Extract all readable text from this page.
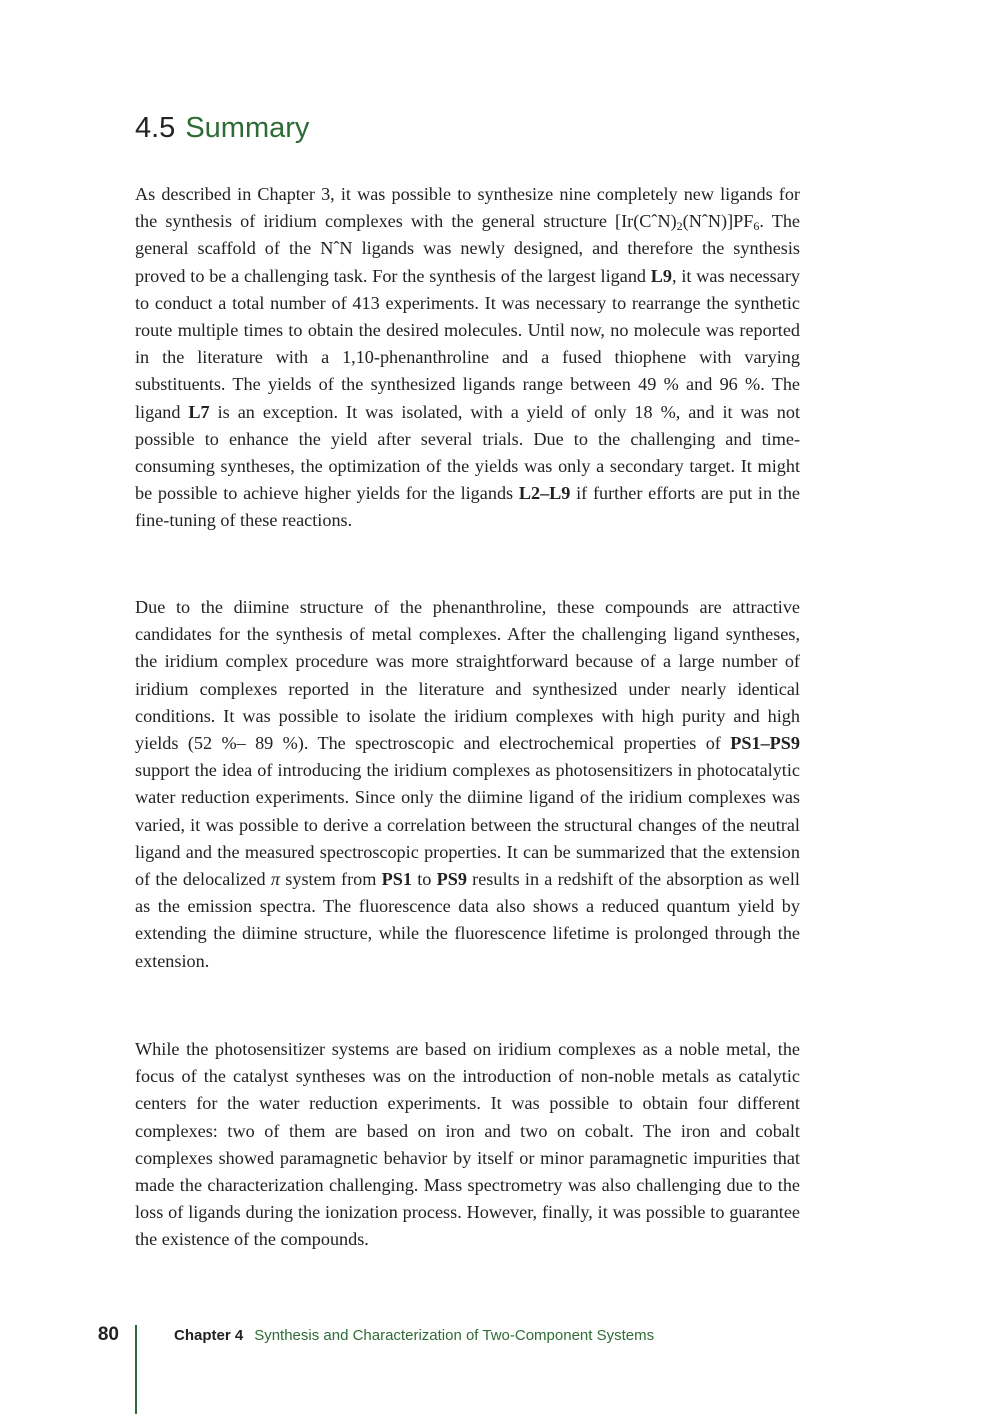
4.5 Summary

As described in Chapter 3, it was possible to synthesize nine completely new ligands for the synthesis of iridium complexes with the general structure $[Ir(CˆN)_2(NˆN)]PF_6$. The general scaffold of the NˆN ligands was newly designed, and therefore the synthesis proved to be a challenging task. For the synthesis of the largest ligand L9, it was necessary to conduct a total number of 413 experiments. It was necessary to rearrange the synthetic route multiple times to obtain the desired molecules. Until now, no molecule was reported in the literature with a 1,10-phenanthroline and a fused thiophene with varying substituents. The yields of the synthesized ligands range between 49 % and 96 %. The ligand L7 is an exception. It was isolated, with a yield of only 18 %, and it was not possible to enhance the yield after several trials. Due to the challenging and time-consuming syntheses, the optimization of the yields was only a secondary target. It might be possible to achieve higher yields for the ligands L2–L9 if further efforts are put in the fine-tuning of these reactions.

Due to the diimine structure of the phenanthroline, these compounds are attractive candidates for the synthesis of metal complexes. After the challenging ligand syntheses, the iridium complex procedure was more straightforward because of a large number of iridium complexes reported in the literature and synthesized under nearly identical conditions. It was possible to isolate the iridium complexes with high purity and high yields (52 %– 89 %). The spectroscopic and electrochemical properties of PS1–PS9 support the idea of introducing the iridium complexes as photosensitizers in photocatalytic water reduction experiments. Since only the diimine ligand of the iridium complexes was varied, it was possible to derive a correlation between the structural changes of the neutral ligand and the measured spectroscopic properties. It can be summarized that the extension of the delocalized π system from PS1 to PS9 results in a redshift of the absorption as well as the emission spectra. The fluorescence data also shows a reduced quantum yield by extending the diimine structure, while the fluorescence lifetime is prolonged through the extension.

While the photosensitizer systems are based on iridium complexes as a noble metal, the focus of the catalyst syntheses was on the introduction of non-noble metals as catalytic centers for the water reduction experiments. It was possible to obtain four different complexes: two of them are based on iron and two on cobalt. The iron and cobalt complexes showed paramagnetic behavior by itself or minor paramagnetic impurities that made the characterization challenging. Mass spectrometry was also challenging due to the loss of ligands during the ionization process. However, finally, it was possible to guarantee the existence of the compounds.

80	Chapter 4 Synthesis and Characterization of Two-Component Systems
